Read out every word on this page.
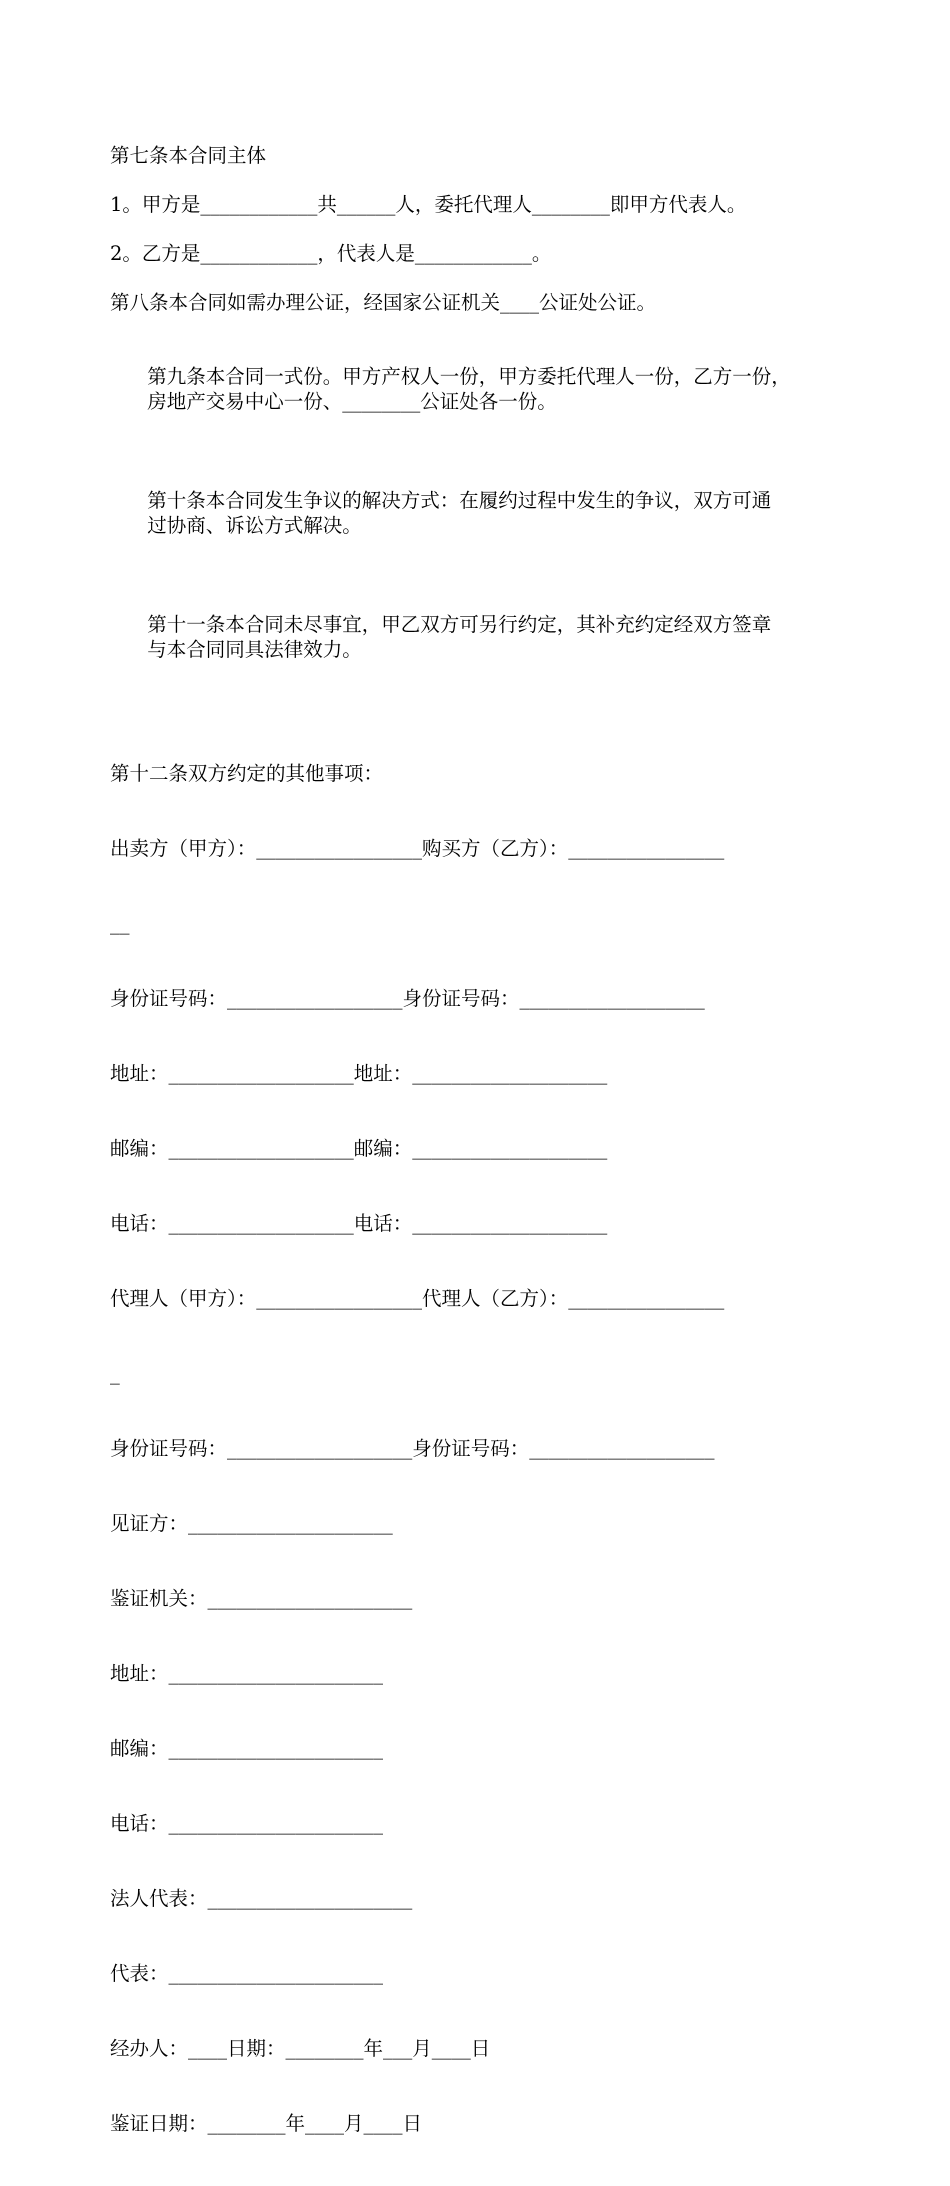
第七条本合同主体

1。甲方是____________共______人，委托代理人________即甲方代表人。

2。乙方是____________，代表人是____________。

第八条本合同如需办理公证，经国家公证机关____公证处公证。

第九条本合同一式份。甲方产权人一份，甲方委托代理人一份，乙方一份，
房地产交易中心一份、________公证处各一份。

第十条本合同发生争议的解决方式：在履约过程中发生的争议，双方可通
过协商、诉讼方式解决。

第十一条本合同未尽事宜，甲乙双方可另行约定，其补充约定经双方签章
与本合同同具法律效力。

第十二条双方约定的其他事项：

出卖方（甲方）：_________________购买方（乙方）：________________

__

身份证号码：__________________身份证号码：___________________

地址：___________________地址：____________________

邮编：___________________邮编：____________________

电话：___________________电话：____________________

代理人（甲方）：_________________代理人（乙方）：________________

_

身份证号码：___________________身份证号码：___________________

见证方：_____________________

鉴证机关：_____________________

地址：______________________

邮编：______________________

电话：______________________

法人代表：_____________________

代表：______________________

经办人：____日期：________年___月____日

鉴证日期：________年____月____日
